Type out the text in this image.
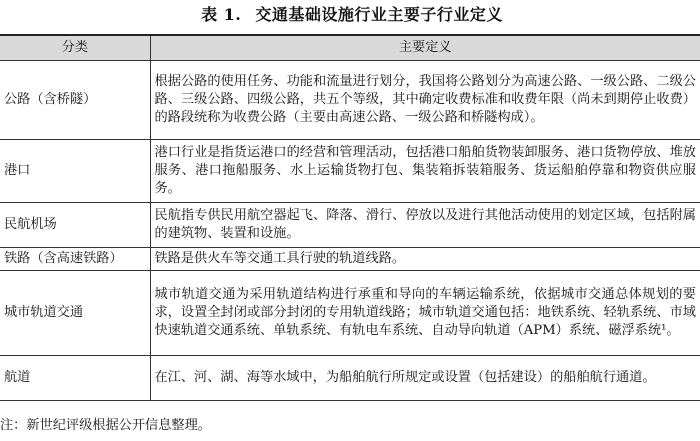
表 1. 交通基础设施行业主要子行业定义
分类	主要定义
公路（含桥隧）	根据公路的使用任务、功能和流量进行划分，我国将公路划分为高速公路、一级公路、二级公路、三级公路、四级公路，共五个等级，其中确定收费标准和收费年限（尚未到期停止收费）的路段统称为收费公路（主要由高速公路、一级公路和桥隧构成）。
港口	港口行业是指货运港口的经营和管理活动，包括港口船舶货物装卸服务、港口货物停放、堆放服务、港口拖船服务、水上运输货物打包、集装箱拆装箱服务、货运船舶停靠和物资供应服务。
民航机场	民航指专供民用航空器起飞、降落、滑行、停放以及进行其他活动使用的划定区域，包括附属的建筑物、装置和设施。
铁路（含高速铁路）	铁路是供火车等交通工具行驶的轨道线路。
城市轨道交通	城市轨道交通为采用轨道结构进行承重和导向的车辆运输系统，依据城市交通总体规划的要求，设置全封闭或部分封闭的专用轨道线路；城市轨道交通包括：地铁系统、轻轨系统、市域快速轨道交通系统、单轨系统、有轨电车系统、自动导向轨道（APM）系统、磁浮系统¹。
航道	在江、河、湖、海等水域中，为船舶航行所规定或设置（包括建设）的船舶航行通道。
注：新世纪评级根据公开信息整理。
